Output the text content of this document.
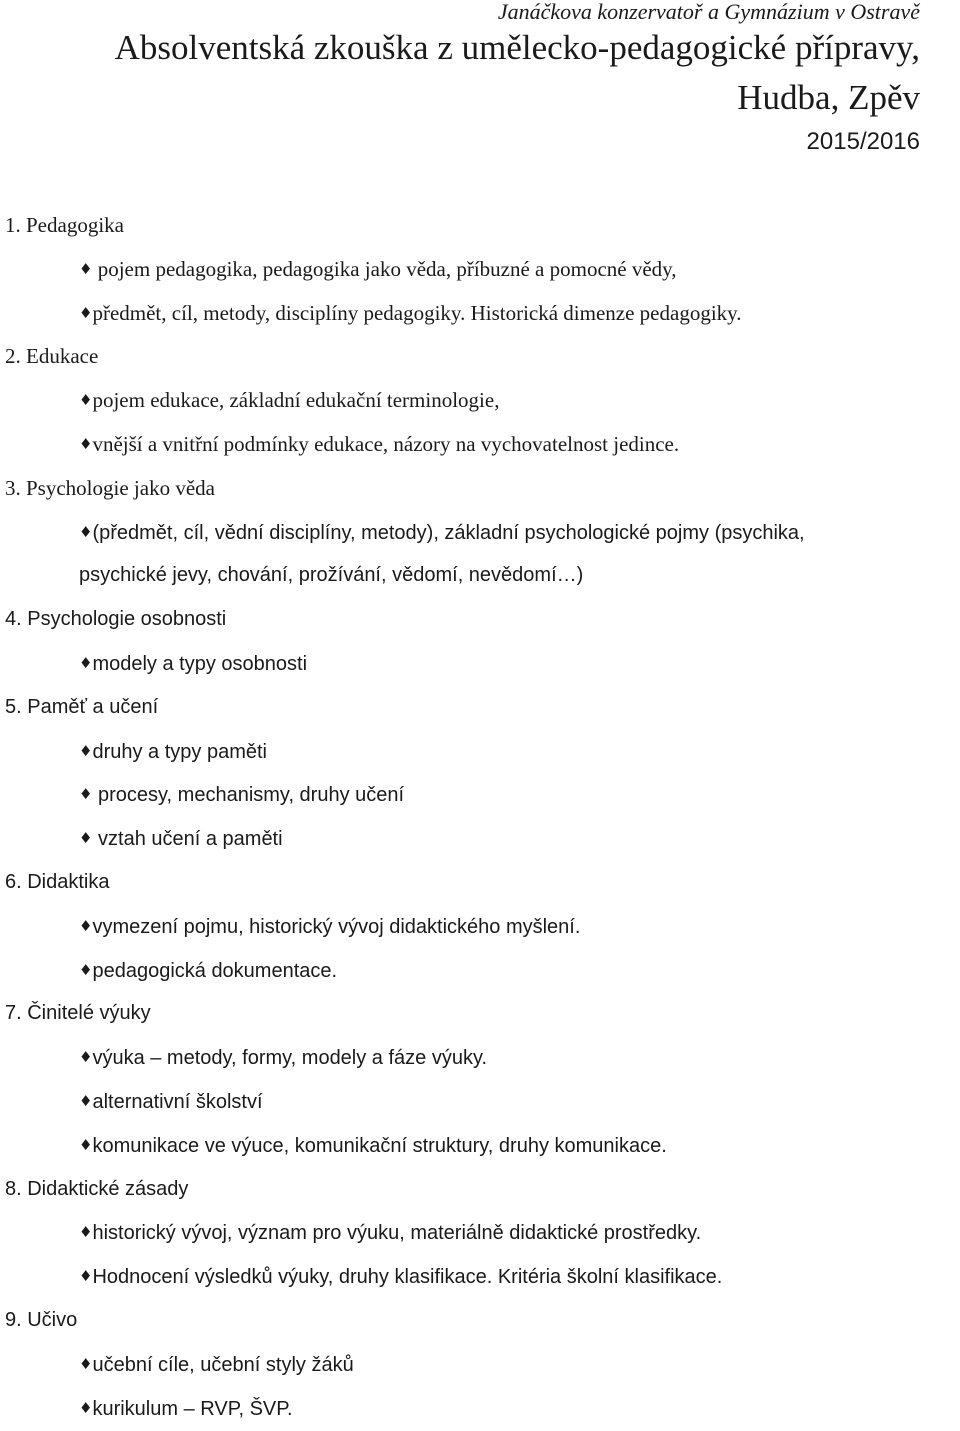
Janáčkova konzervatoř a Gymnázium v Ostravě
Absolventská zkouška z umělecko-pedagogické přípravy,
Hudba, Zpěv
2015/2016
1. Pedagogika
♦ pojem pedagogika, pedagogika jako věda, příbuzné a pomocné vědy,
♦předmět, cíl, metody, disciplíny pedagogiky. Historická dimenze pedagogiky.
2. Edukace
♦pojem edukace, základní edukační terminologie,
♦vnější a vnitřní podmínky edukace, názory na vychovatelnost jedince.
3. Psychologie jako věda
♦(předmět, cíl, vědní disciplíny, metody), základní psychologické pojmy (psychika,
psychické jevy, chování, prožívání, vědomí, nevědomí…)
4. Psychologie osobnosti
♦modely a typy osobnosti
5. Paměť a učení
♦druhy a typy paměti
♦ procesy, mechanismy, druhy učení
♦ vztah učení a paměti
6. Didaktika
♦vymezení pojmu, historický vývoj didaktického myšlení.
♦pedagogická dokumentace.
7. Činitelé výuky
♦výuka – metody, formy, modely a fáze výuky.
♦alternativní školství
♦komunikace ve výuce, komunikační struktury, druhy komunikace.
8. Didaktické zásady
♦historický vývoj, význam pro výuku, materiálně didaktické prostředky.
♦Hodnocení výsledků výuky, druhy klasifikace. Kritéria školní klasifikace.
9. Učivo
♦učební cíle, učební styly žáků
♦kurikulum – RVP, ŠVP.
